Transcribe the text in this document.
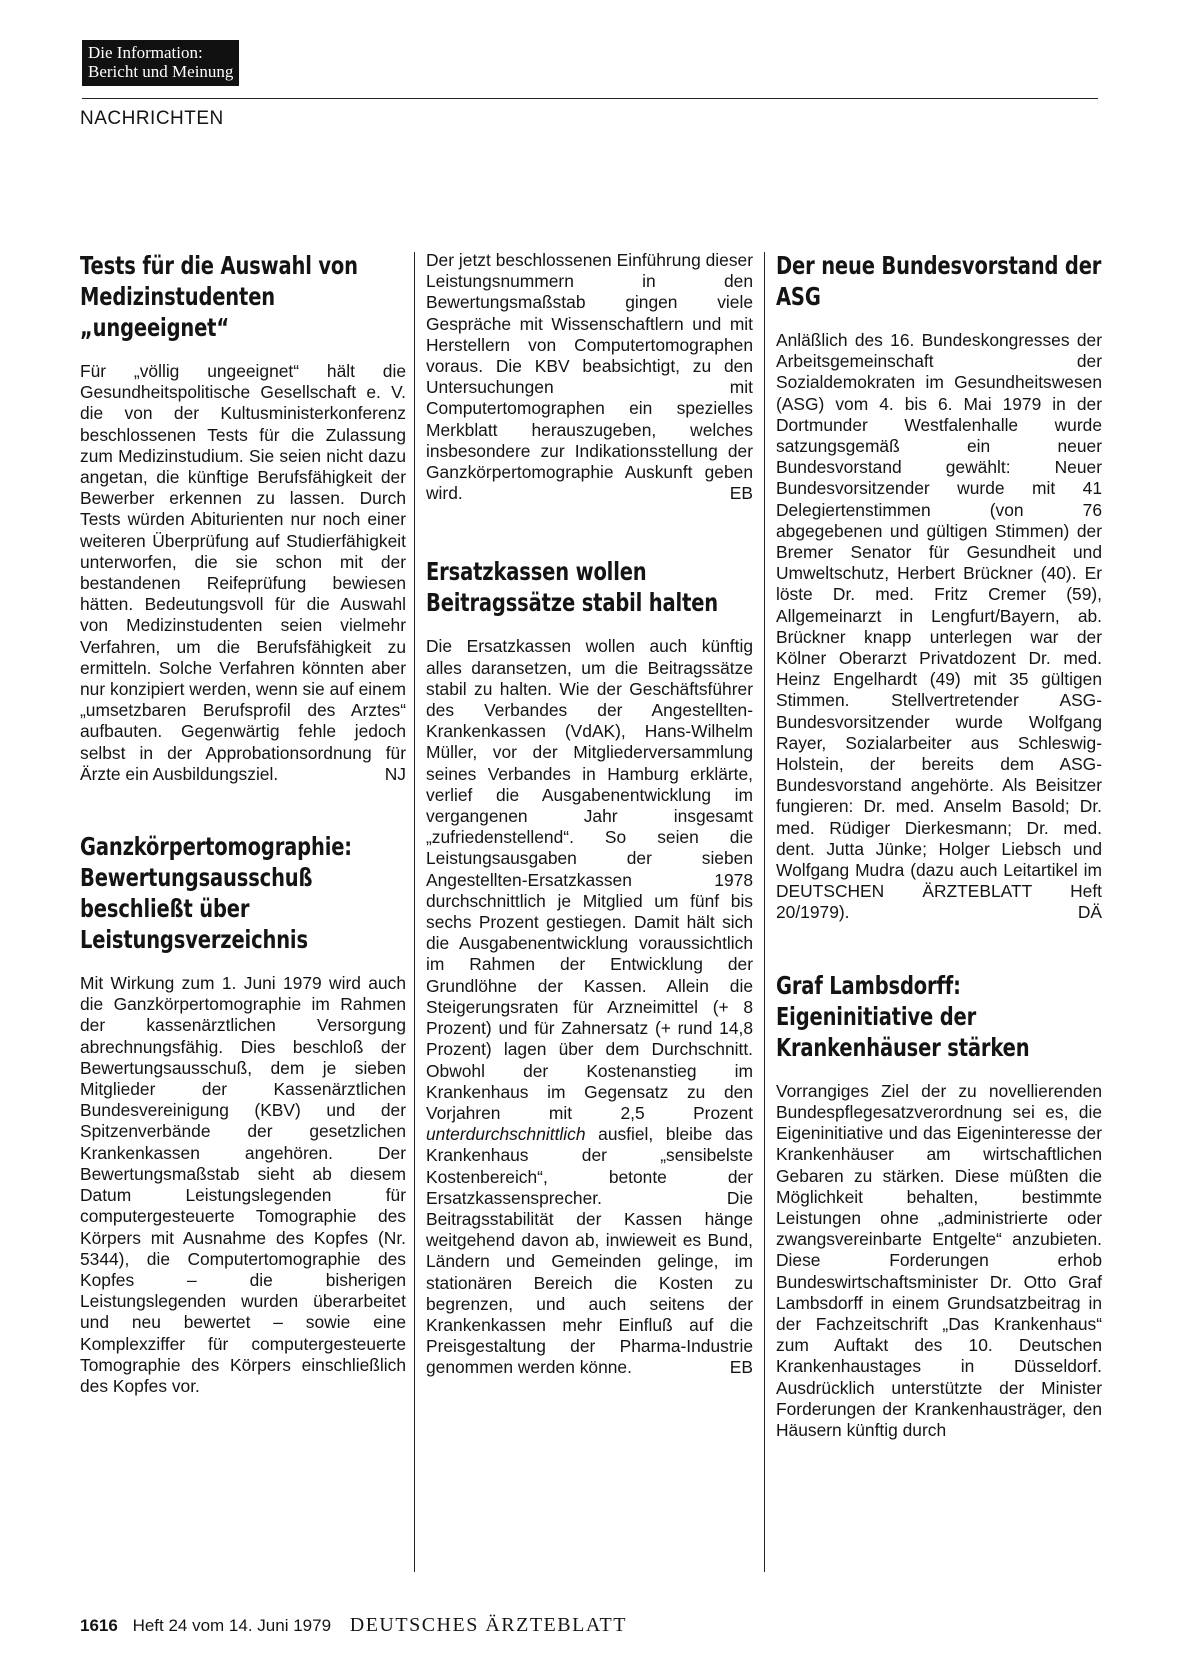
Die Information:
Bericht und Meinung
NACHRICHTEN
Tests für die Auswahl von Medizinstudenten „ungeeignet“

Für „völlig ungeeignet“ hält die Gesundheitspolitische Gesellschaft e. V. die von der Kultusministerkonferenz beschlossenen Tests für die Zulassung zum Medizinstudium. Sie seien nicht dazu angetan, die künftige Berufsfähigkeit der Bewerber erkennen zu lassen. Durch Tests würden Abiturienten nur noch einer weiteren Überprüfung auf Studierfähigkeit unterworfen, die sie schon mit der bestandenen Reifeprüfung bewiesen hätten. Bedeutungsvoll für die Auswahl von Medizinstudenten seien vielmehr Verfahren, um die Berufsfähigkeit zu ermitteln. Solche Verfahren könnten aber nur konzipiert werden, wenn sie auf einem „umsetzbaren Berufsprofil des Arztes“ aufbauten. Gegenwärtig fehle jedoch selbst in der Approbationsordnung für Ärzte ein Ausbildungsziel.	NJ

Ganzkörpertomographie: Bewertungsausschuß beschließt über Leistungsverzeichnis

Mit Wirkung zum 1. Juni 1979 wird auch die Ganzkörpertomographie im Rahmen der kassenärztlichen Versorgung abrechnungsfähig. Dies beschloß der Bewertungsausschuß, dem je sieben Mitglieder der Kassenärztlichen Bundesvereinigung (KBV) und der Spitzenverbände der gesetzlichen Krankenkassen angehören. Der Bewertungsmaßstab sieht ab diesem Datum Leistungslegenden für computergesteuerte Tomographie des Körpers mit Ausnahme des Kopfes (Nr. 5344), die Computertomographie des Kopfes – die bisherigen Leistungslegenden wurden überarbeitet und neu bewertet – sowie eine Komplexziffer für computergesteuerte Tomographie des Körpers einschließlich des Kopfes vor.

Der jetzt beschlossenen Einführung dieser Leistungsnummern in den Bewertungsmaßstab gingen viele Gespräche mit Wissenschaftlern und mit Herstellern von Computertomographen voraus. Die KBV beabsichtigt, zu den Untersuchungen mit Computertomographen ein spezielles Merkblatt herauszugeben, welches insbesondere zur Indikationsstellung der Ganzkörpertomographie Auskunft geben wird.	EB

Ersatzkassen wollen Beitragssätze stabil halten

Die Ersatzkassen wollen auch künftig alles daransetzen, um die Beitragssätze stabil zu halten. Wie der Geschäftsführer des Verbandes der Angestellten-Krankenkassen (VdAK), Hans-Wilhelm Müller, vor der Mitgliederversammlung seines Verbandes in Hamburg erklärte, verlief die Ausgabenentwicklung im vergangenen Jahr insgesamt „zufriedenstellend“. So seien die Leistungsausgaben der sieben Angestellten-Ersatzkassen 1978 durchschnittlich je Mitglied um fünf bis sechs Prozent gestiegen. Damit hält sich die Ausgabenentwicklung voraussichtlich im Rahmen der Entwicklung der Grundlöhne der Kassen. Allein die Steigerungsraten für Arzneimittel (+ 8 Prozent) und für Zahnersatz (+ rund 14,8 Prozent) lagen über dem Durchschnitt. Obwohl der Kostenanstieg im Krankenhaus im Gegensatz zu den Vorjahren mit 2,5 Prozent unterdurchschnittlich ausfiel, bleibe das Krankenhaus der „sensibelste Kostenbereich“, betonte der Ersatzkassensprecher. Die Beitragsstabilität der Kassen hänge weitgehend davon ab, inwieweit es Bund, Ländern und Gemeinden gelinge, im stationären Bereich die Kosten zu begrenzen, und auch seitens der Krankenkassen mehr Einfluß auf die Preisgestaltung der Pharma-Industrie genommen werden könne.	EB

Der neue Bundesvorstand der ASG

Anläßlich des 16. Bundeskongresses der Arbeitsgemeinschaft der Sozialdemokraten im Gesundheitswesen (ASG) vom 4. bis 6. Mai 1979 in der Dortmunder Westfalenhalle wurde satzungsgemäß ein neuer Bundesvorstand gewählt: Neuer Bundesvorsitzender wurde mit 41 Delegiertenstimmen (von 76 abgegebenen und gültigen Stimmen) der Bremer Senator für Gesundheit und Umweltschutz, Herbert Brückner (40). Er löste Dr. med. Fritz Cremer (59), Allgemeinarzt in Lengfurt/Bayern, ab. Brückner knapp unterlegen war der Kölner Oberarzt Privatdozent Dr. med. Heinz Engelhardt (49) mit 35 gültigen Stimmen. Stellvertretender ASG-Bundesvorsitzender wurde Wolfgang Rayer, Sozialarbeiter aus Schleswig-Holstein, der bereits dem ASG-Bundesvorstand angehörte. Als Beisitzer fungieren: Dr. med. Anselm Basold; Dr. med. Rüdiger Dierkesmann; Dr. med. dent. Jutta Jünke; Holger Liebsch und Wolfgang Mudra (dazu auch Leitartikel im DEUTSCHEN ÄRZTEBLATT Heft 20/1979).	DÄ

Graf Lambsdorff: Eigeninitiative der Krankenhäuser stärken

Vorrangiges Ziel der zu novellierenden Bundespflegesatzverordnung sei es, die Eigeninitiative und das Eigeninteresse der Krankenhäuser am wirtschaftlichen Gebaren zu stärken. Diese müßten die Möglichkeit behalten, bestimmte Leistungen ohne „administrierte oder zwangsvereinbarte Entgelte“ anzubieten. Diese Forderungen erhob Bundeswirtschaftsminister Dr. Otto Graf Lambsdorff in einem Grundsatzbeitrag in der Fachzeitschrift „Das Krankenhaus“ zum Auftakt des 10. Deutschen Krankenhaustages in Düsseldorf. Ausdrücklich unterstützte der Minister Forderungen der Krankenhausträger, den Häusern künftig durch

1616 Heft 24 vom 14. Juni 1979 DEUTSCHES ÄRZTEBLATT
